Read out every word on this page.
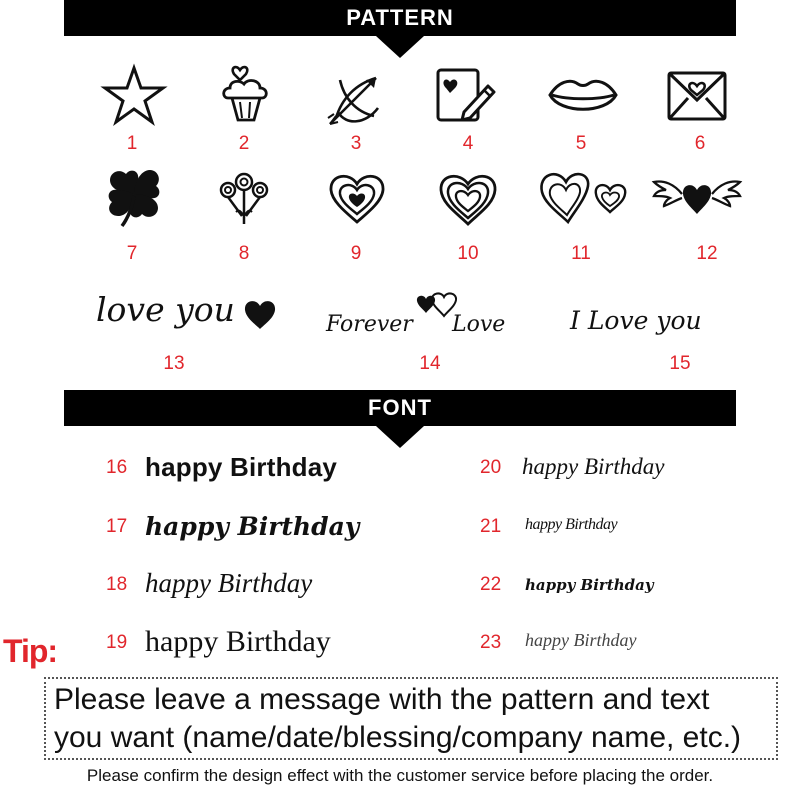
PATTERN
1	2	3	4	5	6
7	8	9	10	11	12
love you
13
Forever Love
14
I Love you
15
FONT
16 happy Birthday
17 happy Birthday
18 happy Birthday
19 happy Birthday
20 happy Birthday
21 happy Birthday
22 happy Birthday
23 happy Birthday
Tip:
Please leave a message with the pattern and text
you want (name/date/blessing/company name, etc.)
Please confirm the design effect with the customer service before placing the order.
